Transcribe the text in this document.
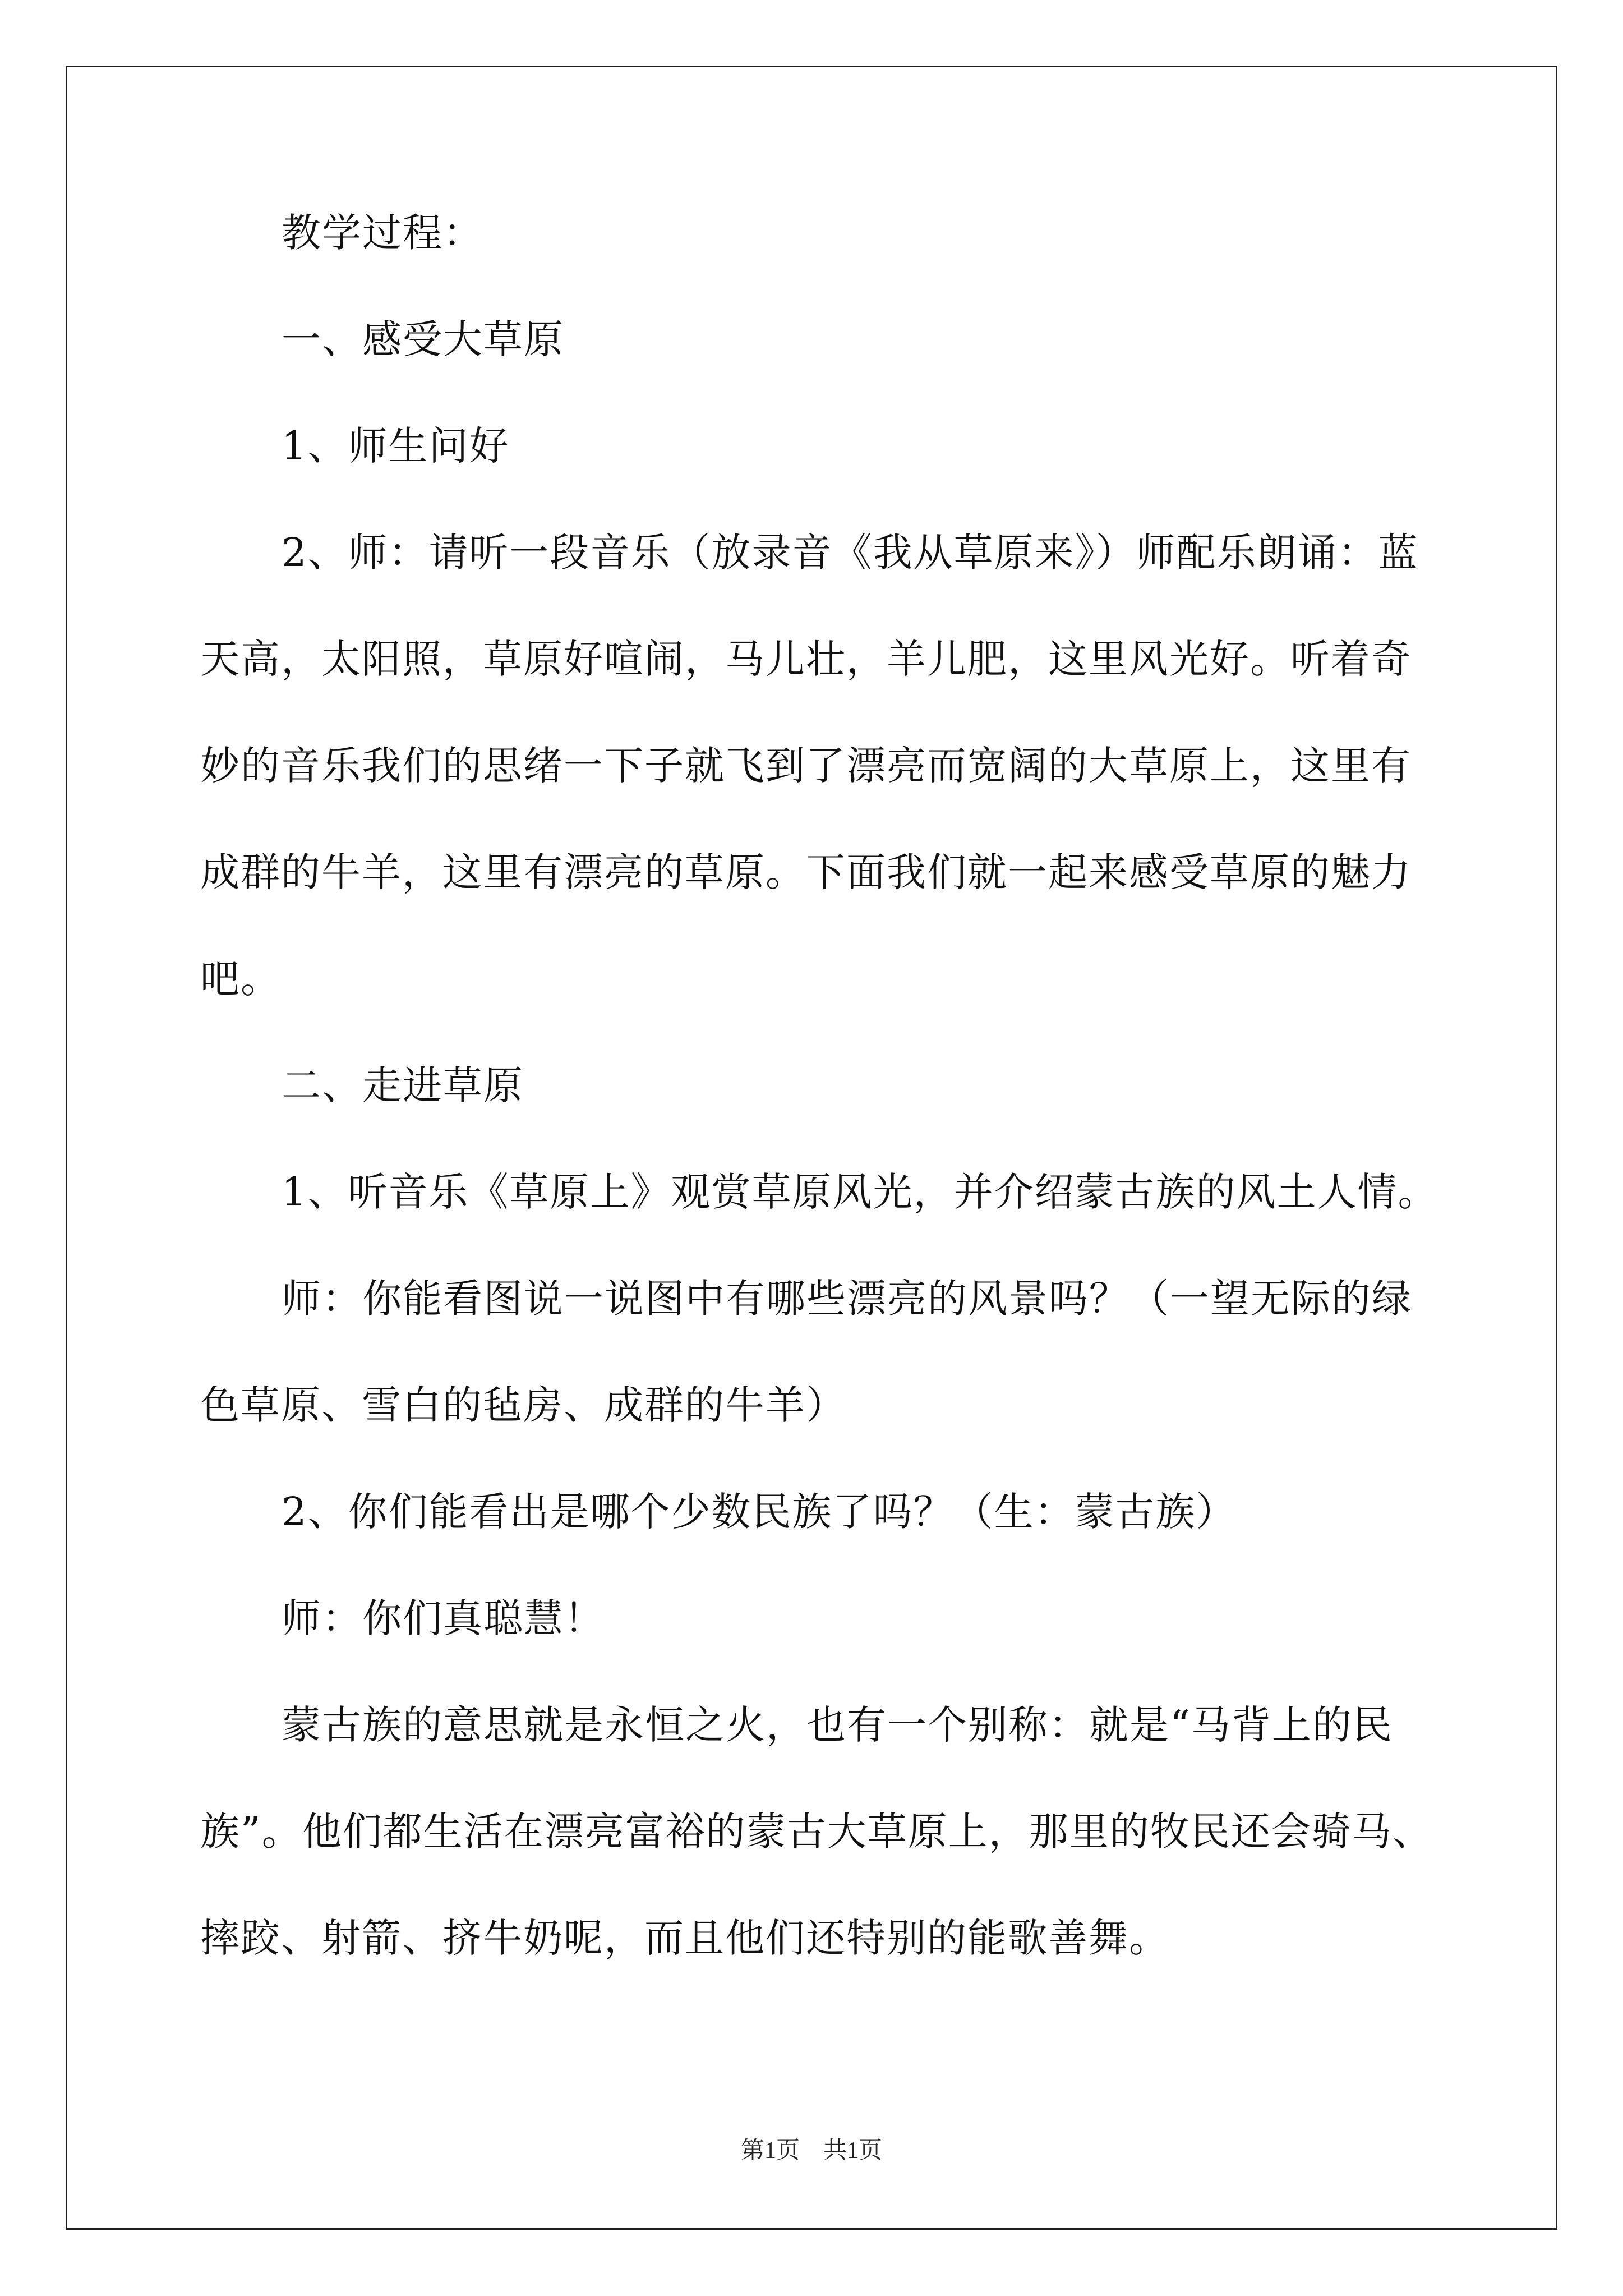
教学过程：
一、感受大草原
1、师生问好
2、师：请听一段音乐（放录音《我从草原来》）师配乐朗诵：蓝
天高，太阳照，草原好喧闹，马儿壮，羊儿肥，这里风光好。听着奇
妙的音乐我们的思绪一下子就飞到了漂亮而宽阔的大草原上，这里有
成群的牛羊，这里有漂亮的草原。下面我们就一起来感受草原的魅力
吧。
二、走进草原
1、听音乐《草原上》观赏草原风光，并介绍蒙古族的风土人情。
师：你能看图说一说图中有哪些漂亮的风景吗？（一望无际的绿
色草原、雪白的毡房、成群的牛羊）
2、你们能看出是哪个少数民族了吗？（生：蒙古族）
师：你们真聪慧！
蒙古族的意思就是永恒之火，也有一个别称：就是“马背上的民
族”。他们都生活在漂亮富裕的蒙古大草原上，那里的牧民还会骑马、
摔跤、射箭、挤牛奶呢，而且他们还特别的能歌善舞。
第1页　共1页
